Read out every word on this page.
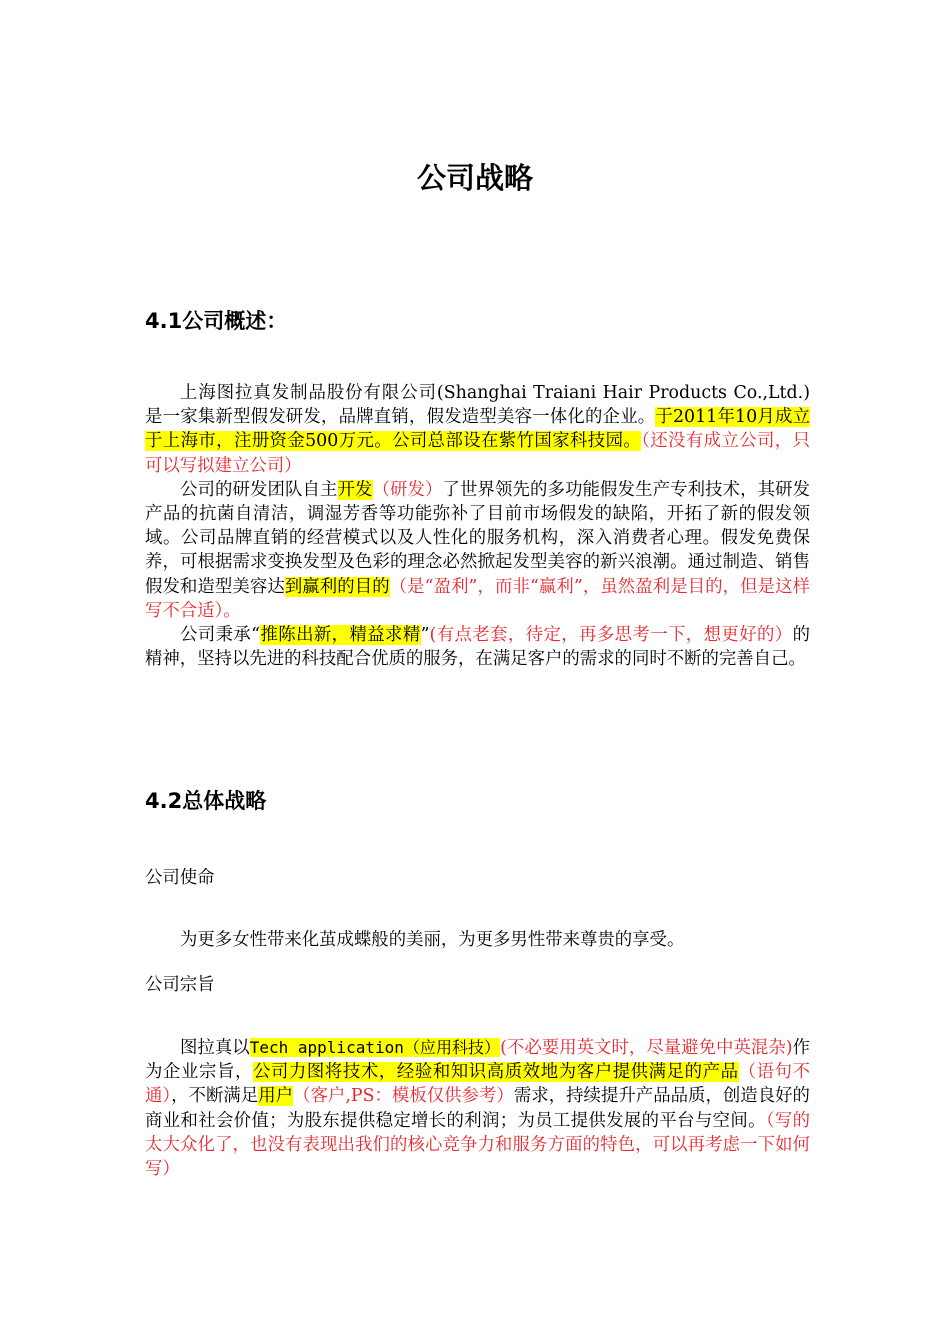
公司战略
4.1公司概述：

上海图拉真发制品股份有限公司(Shanghai Traiani Hair Products Co.,Ltd.)是一家集新型假发研发，品牌直销，假发造型美容一体化的企业。于2011年10月成立于上海市，注册资金500万元。公司总部设在紫竹国家科技园。（还没有成立公司，只可以写拟建立公司）

公司的研发团队自主开发（研发）了世界领先的多功能假发生产专利技术，其研发产品的抗菌自清洁，调湿芳香等功能弥补了目前市场假发的缺陷，开拓了新的假发领域。公司品牌直销的经营模式以及人性化的服务机构，深入消费者心理。假发免费保养，可根据需求变换发型及色彩的理念必然掀起发型美容的新兴浪潮。通过制造、销售假发和造型美容达到赢利的目的（是“盈利”，而非“赢利”，虽然盈利是目的，但是这样写不合适）。

公司秉承“推陈出新，精益求精”(有点老套，待定，再多思考一下，想更好的）的精神，坚持以先进的科技配合优质的服务，在满足客户的需求的同时不断的完善自己。

4.2总体战略

公司使命

为更多女性带来化茧成蝶般的美丽，为更多男性带来尊贵的享受。

公司宗旨

图拉真以Tech application（应用科技）(不必要用英文时，尽量避免中英混杂)作为企业宗旨，公司力图将技术，经验和知识高质效地为客户提供满足的产品（语句不通），不断满足用户（客户,PS：模板仅供参考）需求，持续提升产品品质，创造良好的商业和社会价值；为股东提供稳定增长的利润；为员工提供发展的平台与空间。（写的太大众化了，也没有表现出我们的核心竞争力和服务方面的特色，可以再考虑一下如何写）
